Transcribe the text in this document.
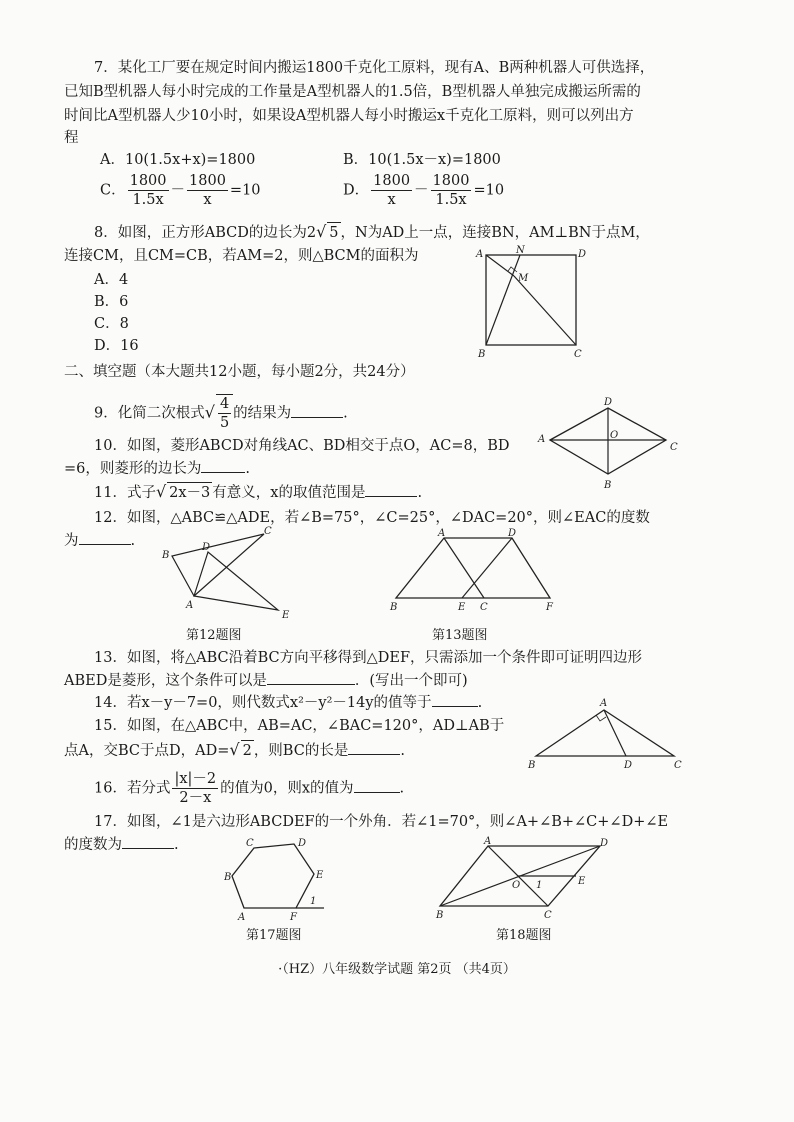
7．某化工厂要在规定时间内搬运1800千克化工原料，现有A、B两种机器人可供选择，
已知B型机器人每小时完成的工作量是A型机器人的1.5倍，B型机器人单独完成搬运所需的
时间比A型机器人少10小时，如果设A型机器人每小时搬运x千克化工原料，则可以列出方
程
A．10(1.5x+x)=1800	B．10(1.5x－x)=1800
C． $\frac{1800}{1.5x} - \frac{1800}{x} =10$	D． $\frac{1800}{x} - \frac{1800}{1.5x} =10$
8．如图，正方形ABCD的边长为2√ 5 ，N为AD上一点，连接BN，AM⊥BN于点M，
连接CM，且CM=CB，若AM=2，则△BCM的面积为
A．4
B．6
C．8
D．16
A	N	D
M
B	C
二、填空题（本大题共12小题，每小题2分，共24分）
9．化简二次根式√ $\frac{4}{5}$ 的结果为	.
A
B
C
D
O
10．如图，菱形ABCD对角线AC、BD相交于点O，AC=8，BD
=6，则菱形的边长为	.
11．式子√ 2x－3 有意义，x的取值范围是	.
12．如图，△ABC≌△ADE，若∠B=75°，∠C=25°，∠DAC=20°，则∠EAC的度数
为	.
A
B
C
D
E
A	D
B	E C	F
第12题图	第13题图
13．如图，将△ABC沿着BC方向平移得到△DEF，只需添加一个条件即可证明四边形
ABED是菱形，这个条件可以是	．(写出一个即可)
14．若x－y－7=0，则代数式x²－y²－14y的值等于	.
15．如图，在△ABC中，AB=AC，∠BAC=120°，AD⊥AB于
点A，交BC于点D，AD=√ 2 ，则BC的长是	.
A
B	D	C
16．若分式 $\frac{|x|-2}{2-x}$ 的值为0，则x的值为	.
17．如图，∠1是六边形ABCDEF的一个外角．若∠1=70°，则∠A+∠B+∠C+∠D+∠E
的度数为	.
A
B
C	D
E
F
1
A	D
B	C
O	E
1
第17题图	第18题图
·（HZ）八年级数学试题 第2页 （共4页）
